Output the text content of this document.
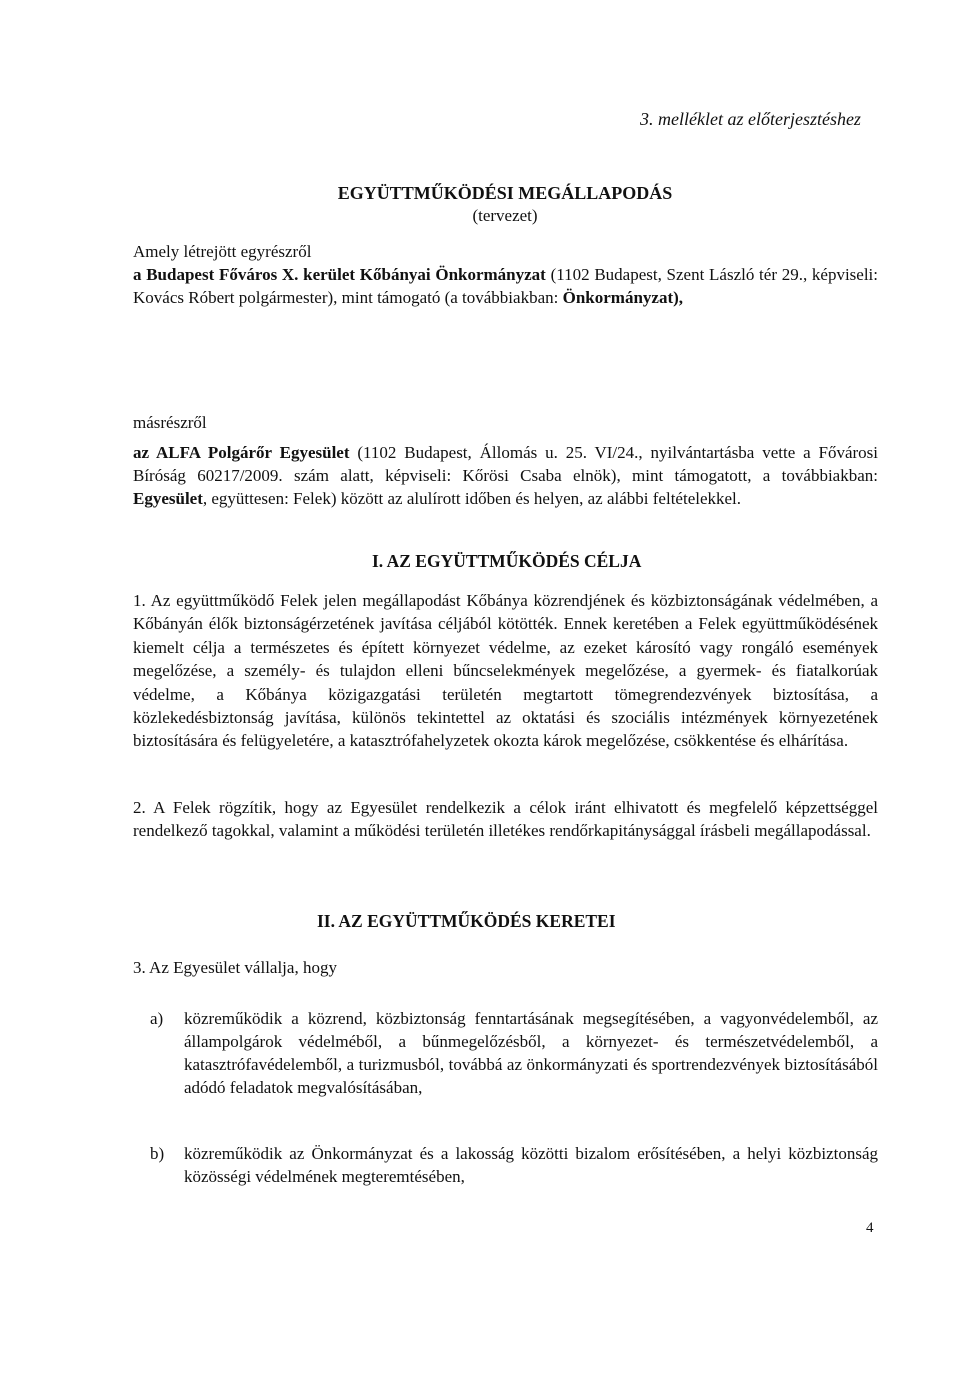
3. melléklet az előterjesztéshez

EGYÜTTMŰKÖDÉSI MEGÁLLAPODÁS

(tervezet)

Amely létrejött egyrészről
a Budapest Főváros X. kerület Kőbányai Önkormányzat (1102 Budapest, Szent László tér 29., képviseli: Kovács Róbert polgármester), mint támogató (a továbbiakban: Önkormányzat),
másrészről
az ALFA Polgárőr Egyesület (1102 Budapest, Állomás u. 25. VI/24., nyilvántartásba vette a Fővárosi Bíróság 60217/2009. szám alatt, képviseli: Kőrösi Csaba elnök), mint támogatott, a továbbiakban: Egyesület, együttesen: Felek) között az alulírott időben és helyen, az alábbi feltételekkel.

I. AZ EGYÜTTMŰKÖDÉS CÉLJA

1. Az együttműködő Felek jelen megállapodást Kőbánya közrendjének és közbiztonságának védelmében, a Kőbányán élők biztonságérzetének javítása céljából kötötték. Ennek keretében a Felek együttműködésének kiemelt célja a természetes és épített környezet védelme, az ezeket károsító vagy rongáló események megelőzése, a személy- és tulajdon elleni bűncselekmények megelőzése, a gyermek- és fiatalkorúak védelme, a Kőbánya közigazgatási területén megtartott tömegrendezvények biztosítása, a közlekedésbiztonság javítása, különös tekintettel az oktatási és szociális intézmények környezetének biztosítására és felügyeletére, a katasztrófahelyzetek okozta károk megelőzése, csökkentése és elhárítása.

2. A Felek rögzítik, hogy az Egyesület rendelkezik a célok iránt elhivatott és megfelelő képzettséggel rendelkező tagokkal, valamint a működési területén illetékes rendőrkapitánysággal írásbeli megállapodással.

II. AZ EGYÜTTMŰKÖDÉS KERETEI

3. Az Egyesület vállalja, hogy

a)	közreműködik a közrend, közbiztonság fenntartásának megsegítésében, a vagyonvédelemből, az állampolgárok védelméből, a bűnmegelőzésből, a környezet- és természetvédelemből, a katasztrófavédelemből, a turizmusból, továbbá az önkormányzati és sportrendezvények biztosításából adódó feladatok megvalósításában,
b)	közreműködik az Önkormányzat és a lakosság közötti bizalom erősítésében, a helyi közbiztonság közösségi védelmének megteremtésében,

4
